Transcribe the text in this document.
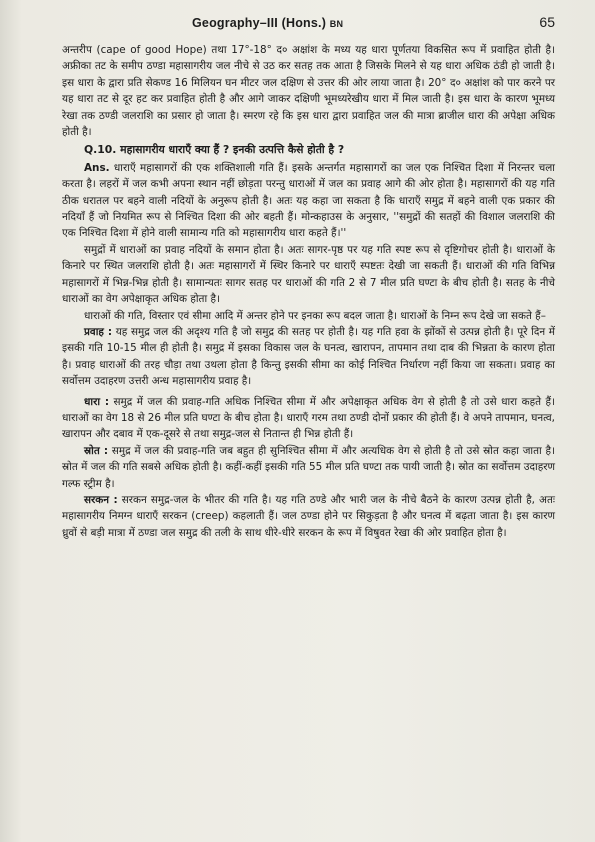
Geography–III (Hons.) BN	65

अन्तरीप (cape of good Hope) तथा 17°-18° द० अक्षांश के मध्य यह धारा पूर्णतया विकसित रूप में प्रवाहित होती है। अफ्रीका तट के समीप ठण्डा महासागरीय जल नीचे से उठ कर सतह तक आता है जिसके मिलने से यह धारा अधिक ठंडी हो जाती है। इस धारा के द्वारा प्रति सेकण्ड 16 मिलियन घन मीटर जल दक्षिण से उत्तर की ओर लाया जाता है। 20° द० अक्षांश को पार करने पर यह धारा तट से दूर हट कर प्रवाहित होती है और आगे जाकर दक्षिणी भूमध्यरेखीय धारा में मिल जाती है। इस धारा के कारण भूमध्य रेखा तक ठण्डी जलराशि का प्रसार हो जाता है। स्मरण रहे कि इस धारा द्वारा प्रवाहित जल की मात्रा ब्राजील धारा की अपेक्षा अधिक होती है।

Q.10. महासागरीय धाराएँ क्या हैं ? इनकी उत्पत्ति कैसे होती है ?

Ans. धाराएँ महासागरों की एक शक्तिशाली गति हैं। इसके अन्तर्गत महासागरों का जल एक निश्चित दिशा में निरन्तर चला करता है। लहरों में जल कभी अपना स्थान नहीं छोड़ता परन्तु धाराओं में जल का प्रवाह आगे की ओर होता है। महासागरों की यह गति ठीक धरातल पर बहने वाली नदियों के अनुरूप होती है। अतः यह कहा जा सकता है कि धाराएँ समुद्र में बहने वाली एक प्रकार की नदियाँ हैं जो नियमित रूप से निश्चित दिशा की ओर बहती हैं। मोन्कहाउस के अनुसार, ''समुद्रों की सतहों की विशाल जलराशि की एक निश्चित दिशा में होने वाली सामान्य गति को महासागरीय धारा कहते हैं।''

समुद्रों में धाराओं का प्रवाह नदियों के समान होता है। अतः सागर-पृष्ठ पर यह गति स्पष्ट रूप से दृष्टिगोचर होती है। धाराओं के किनारे पर स्थित जलराशि होती है। अतः महासागरों में स्थिर किनारे पर धाराएँ स्पष्टतः देखी जा सकती हैं। धाराओं की गति विभिन्न महासागरों में भिन्न-भिन्न होती है। सामान्यतः सागर सतह पर धाराओं की गति 2 से 7 मील प्रति घण्टा के बीच होती है। सतह के नीचे धाराओं का वेग अपेक्षाकृत अधिक होता है।

धाराओं की गति, विस्तार एवं सीमा आदि में अन्तर होने पर इनका रूप बदल जाता है। धाराओं के निम्न रूप देखे जा सकते हैं–

प्रवाह : यह समुद्र जल की अदृश्य गति है जो समुद्र की सतह पर होती है। यह गति हवा के झोंकों से उत्पन्न होती है। पूरे दिन में इसकी गति 10-15 मील ही होती है। समुद्र में इसका विकास जल के घनत्व, खारापन, तापमान तथा दाब की भिन्नता के कारण होता है। प्रवाह धाराओं की तरह चौड़ा तथा उथला होता है किन्तु इसकी सीमा का कोई निश्चित निर्धारण नहीं किया जा सकता। प्रवाह का सर्वोत्तम उदाहरण उत्तरी अन्ध महासागरीय प्रवाह है।

धारा : समुद्र में जल की प्रवाह-गति अधिक निश्चित सीमा में और अपेक्षाकृत अधिक वेग से होती है तो उसे धारा कहते हैं। धाराओं का वेग 18 से 26 मील प्रति घण्टा के बीच होता है। धाराएँ गरम तथा ठण्डी दोनों प्रकार की होती हैं। वे अपने तापमान, घनत्व, खारापन और दबाव में एक-दूसरे से तथा समुद्र-जल से नितान्त ही भिन्न होती हैं।

स्रोत : समुद्र में जल की प्रवाह-गति जब बहुत ही सुनिश्चित सीमा में और अत्यधिक वेग से होती है तो उसे स्रोत कहा जाता है। स्रोत में जल की गति सबसे अधिक होती है। कहीं-कहीं इसकी गति 55 मील प्रति घण्टा तक पायी जाती है। स्रोत का सर्वोत्तम उदाहरण गल्फ स्ट्रीम है।

सरकन : सरकन समुद्र-जल के भीतर की गति है। यह गति ठण्डे और भारी जल के नीचे बैठने के कारण उत्पन्न होती है, अतः महासागरीय निमग्न धाराएँ सरकन (creep) कहलाती हैं। जल ठण्डा होने पर सिकुड़ता है और घनत्व में बढ़ता जाता है। इस कारण ध्रुवों से बड़ी मात्रा में ठण्डा जल समुद्र की तली के साथ धीरे-धीरे सरकन के रूप में विषुवत रेखा की ओर प्रवाहित होता है।
